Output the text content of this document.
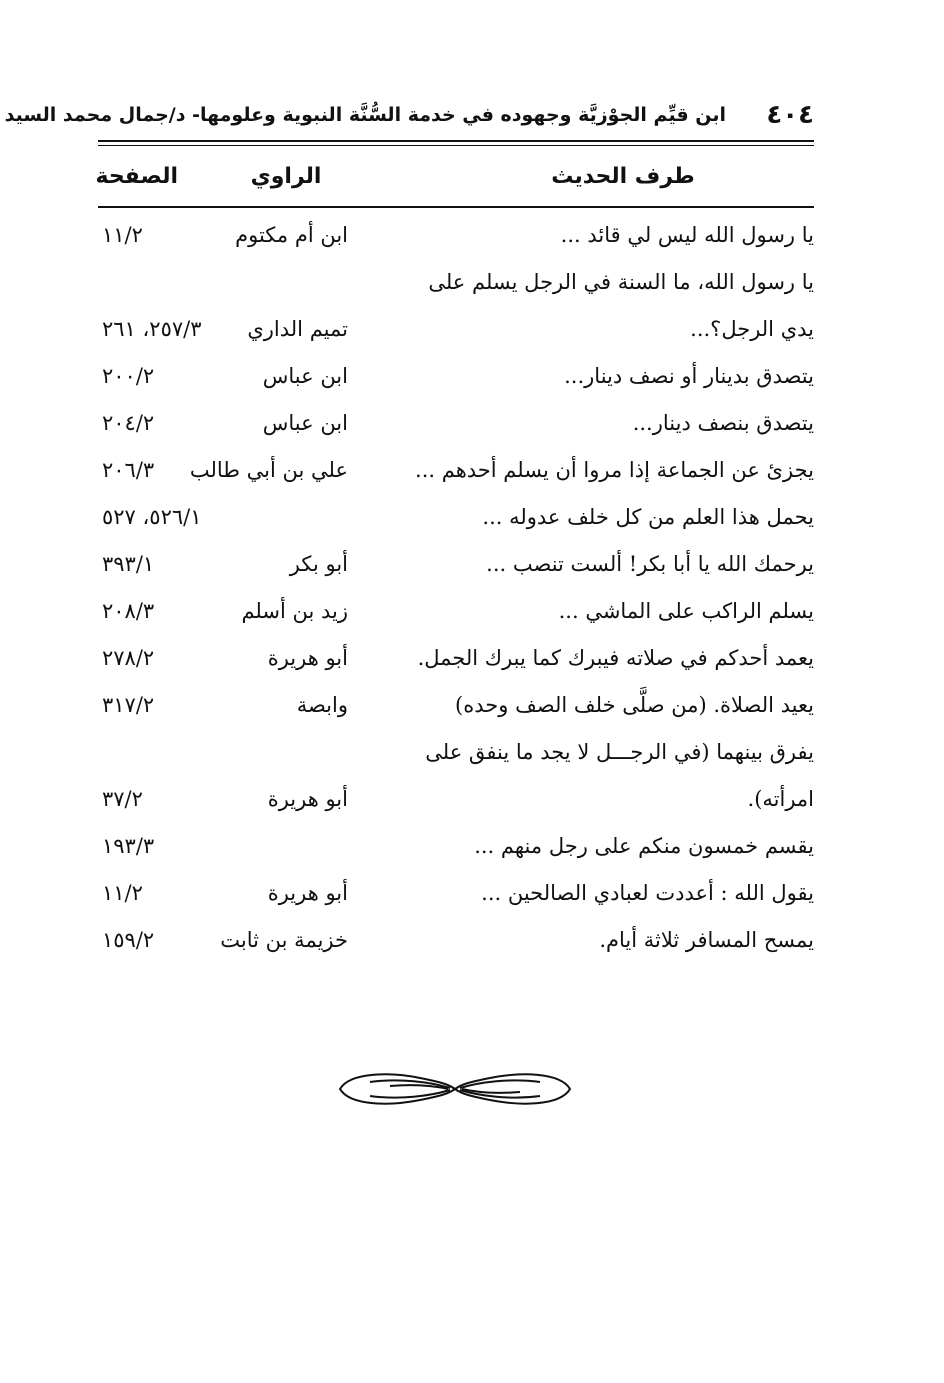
٤٠٤
ابن قيِّم الجوْزيَّة وجهوده في خدمة السُّنَّة النبوية وعلومها- د/جمال محمد السيد
طرف الحديث
الراوي
الصفحة
يا رسول الله ليس لي قائد ...
ابن أم مكتوم
١١/٢
يا رسول الله، ما السنة في الرجل يسلم على
يدي الرجل؟...
تميم الداري
٢٥٧/٣، ٢٦١
يتصدق بدينار أو نصف دينار...
ابن عباس
٢٠٠/٢
يتصدق بنصف دينار...
ابن عباس
٢٠٤/٢
يجزئ عن الجماعة إذا مروا أن يسلم أحدهم ...
علي بن أبي طالب
٢٠٦/٣
يحمل هذا العلم من كل خلف عدوله ...
٥٢٦/١، ٥٢٧
يرحمك الله يا أبا بكر! ألست تنصب ...
أبو بكر
٣٩٣/١
يسلم الراكب على الماشي ...
زيد بن أسلم
٢٠٨/٣
يعمد أحدكم في صلاته فيبرك كما يبرك الجمل.
أبو هريرة
٢٧٨/٢
يعيد الصلاة. (من صلَّى خلف الصف وحده)
وابصة
٣١٧/٢
يفرق بينهما (في الرجـــل لا يجد ما ينفق على
امرأته).
أبو هريرة
٣٧/٢
يقسم خمسون منكم على رجل منهم ...
١٩٣/٣
يقول الله : أعددت لعبادي الصالحين ...
أبو هريرة
١١/٢
يمسح المسافر ثلاثة أيام.
خزيمة بن ثابت
١٥٩/٢
